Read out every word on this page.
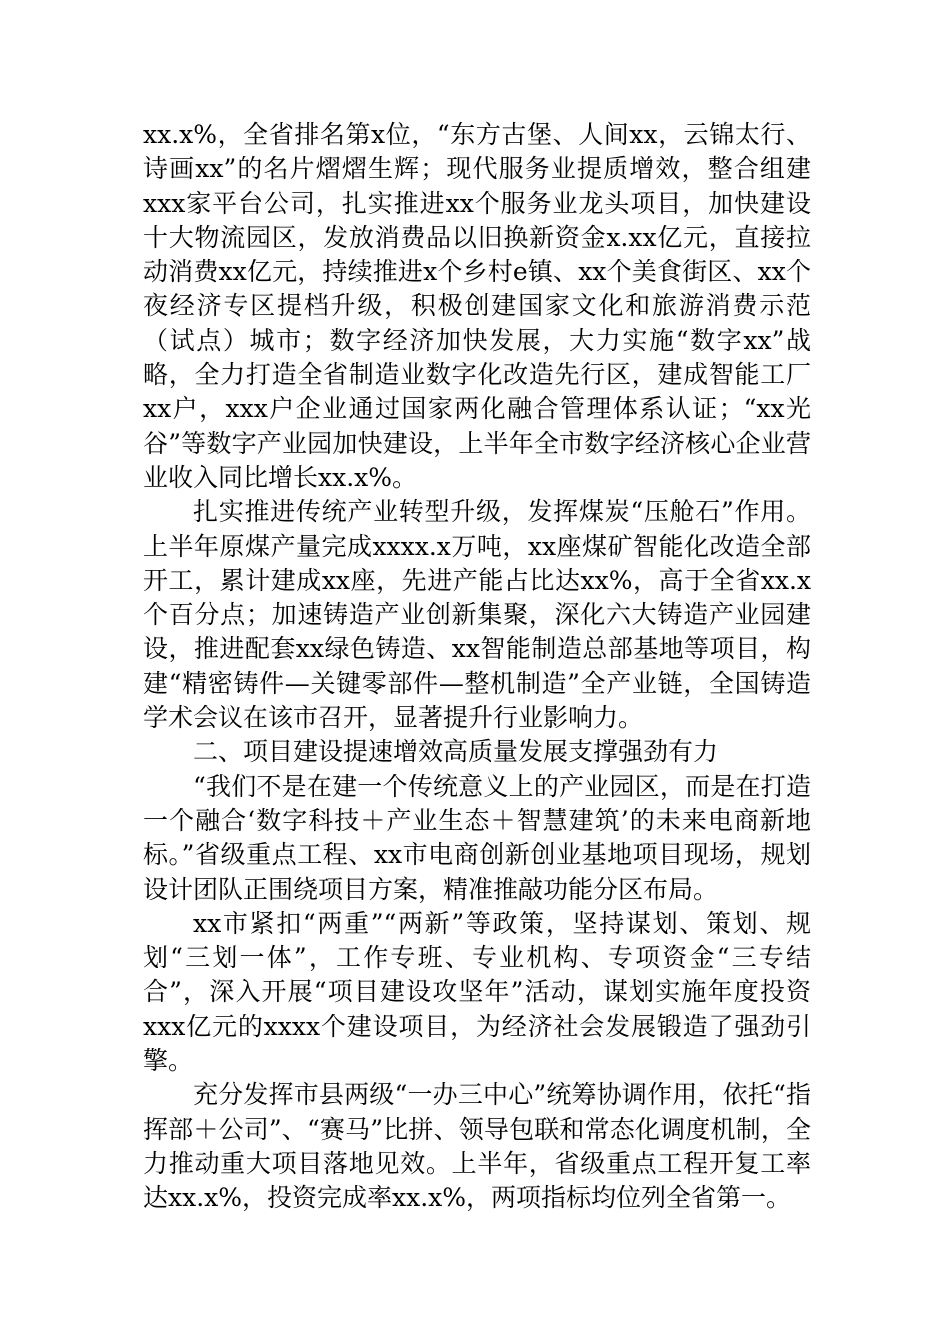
xx.x%，全省排名第x位，“东方古堡、人间xx，云锦太行、诗画xx”的名片熠熠生辉；现代服务业提质增效，整合组建xxx家平台公司，扎实推进xx个服务业龙头项目，加快建设十大物流园区，发放消费品以旧换新资金x.xx亿元，直接拉动消费xx亿元，持续推进x个乡村e镇、xx个美食街区、xx个夜经济专区提档升级，积极创建国家文化和旅游消费示范（试点）城市；数字经济加快发展，大力实施“数字xx”战略，全力打造全省制造业数字化改造先行区，建成智能工厂xx户，xxx户企业通过国家两化融合管理体系认证；“xx光谷”等数字产业园加快建设，上半年全市数字经济核心企业营业收入同比增长xx.x%。

扎实推进传统产业转型升级，发挥煤炭“压舱石”作用。上半年原煤产量完成xxxx.x万吨，xx座煤矿智能化改造全部开工，累计建成xx座，先进产能占比达xx%，高于全省xx.x个百分点；加速铸造产业创新集聚，深化六大铸造产业园建设，推进配套xx绿色铸造、xx智能制造总部基地等项目，构建“精密铸件—关键零部件—整机制造”全产业链，全国铸造学术会议在该市召开，显著提升行业影响力。

二、项目建设提速增效高质量发展支撑强劲有力

“我们不是在建一个传统意义上的产业园区，而是在打造一个融合‘数字科技＋产业生态＋智慧建筑’的未来电商新地标。”省级重点工程、xx市电商创新创业基地项目现场，规划设计团队正围绕项目方案，精准推敲功能分区布局。

xx市紧扣“两重”“两新”等政策，坚持谋划、策划、规划“三划一体”，工作专班、专业机构、专项资金“三专结合”，深入开展“项目建设攻坚年”活动，谋划实施年度投资xxx亿元的xxxx个建设项目，为经济社会发展锻造了强劲引擎。

充分发挥市县两级“一办三中心”统筹协调作用，依托“指挥部＋公司”、“赛马”比拼、领导包联和常态化调度机制，全力推动重大项目落地见效。上半年，省级重点工程开复工率达xx.x%，投资完成率xx.x%，两项指标均位列全省第一。
